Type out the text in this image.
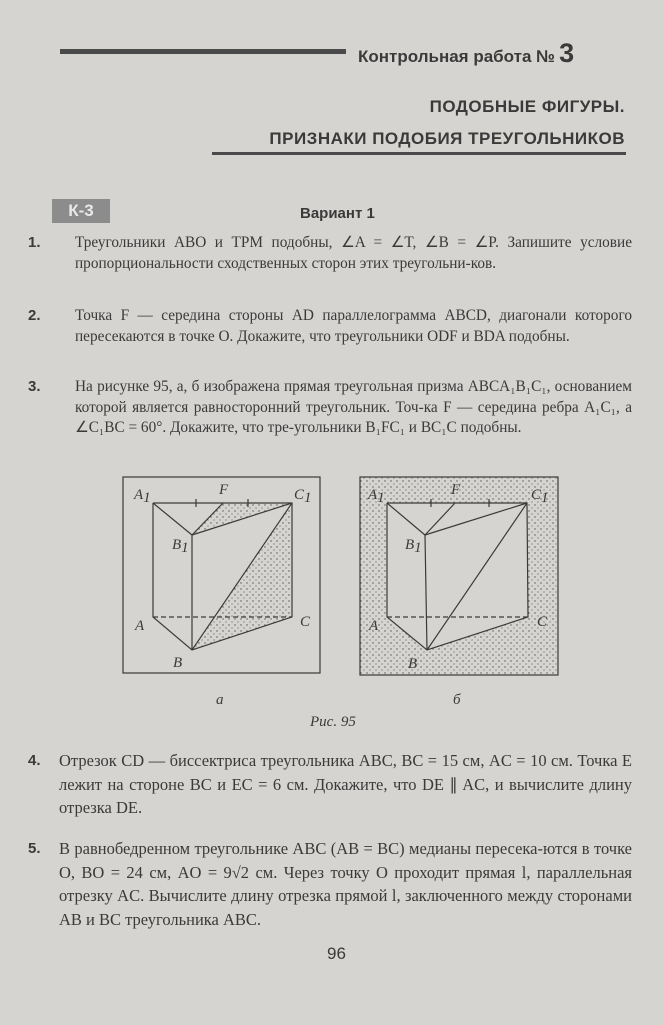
Контрольная работа № 3
ПОДОБНЫЕ ФИГУРЫ.
ПРИЗНАКИ ПОДОБИЯ ТРЕУГОЛЬНИКОВ
К-3	Вариант 1
1. Треугольники ABO и TPM подобны, ∠A = ∠T, ∠B = ∠P. Запишите условие пропорциональности сходственных сторон этих треугольни-ков.
2. Точка F — середина стороны AD параллелограмма ABCD, диагонали которого пересекаются в точке O. Докажите, что треугольники ODF и BDA подобны.
3. На рисунке 95, а, б изображена прямая треугольная призма ABCA₁B₁C₁, основанием которой является равносторонний треугольник. Точ-ка F — середина ребра A₁C₁, а ∠C₁BC = 60°. Докажите, что тре-угольники B₁FC₁ и BC₁C подобны.
A1	F	C1
B1
A	C
B
A1	F	C1
B1
A	C
B
а	б
Рис. 95
4. Отрезок CD — биссектриса треугольника ABC, BC = 15 см, AC = 10 см. Точка E лежит на стороне BC и EC = 6 см. Докажите, что DE ∥ AC, и вычислите длину отрезка DE.
5. В равнобедренном треугольнике ABC (AB = BC) медианы пересека-ются в точке O, BO = 24 см, AO = 9√2 см. Через точку O проходит прямая l, параллельная отрезку AC. Вычислите длину отрезка прямой l, заключенного между сторонами AB и BC треугольника ABC.
96
